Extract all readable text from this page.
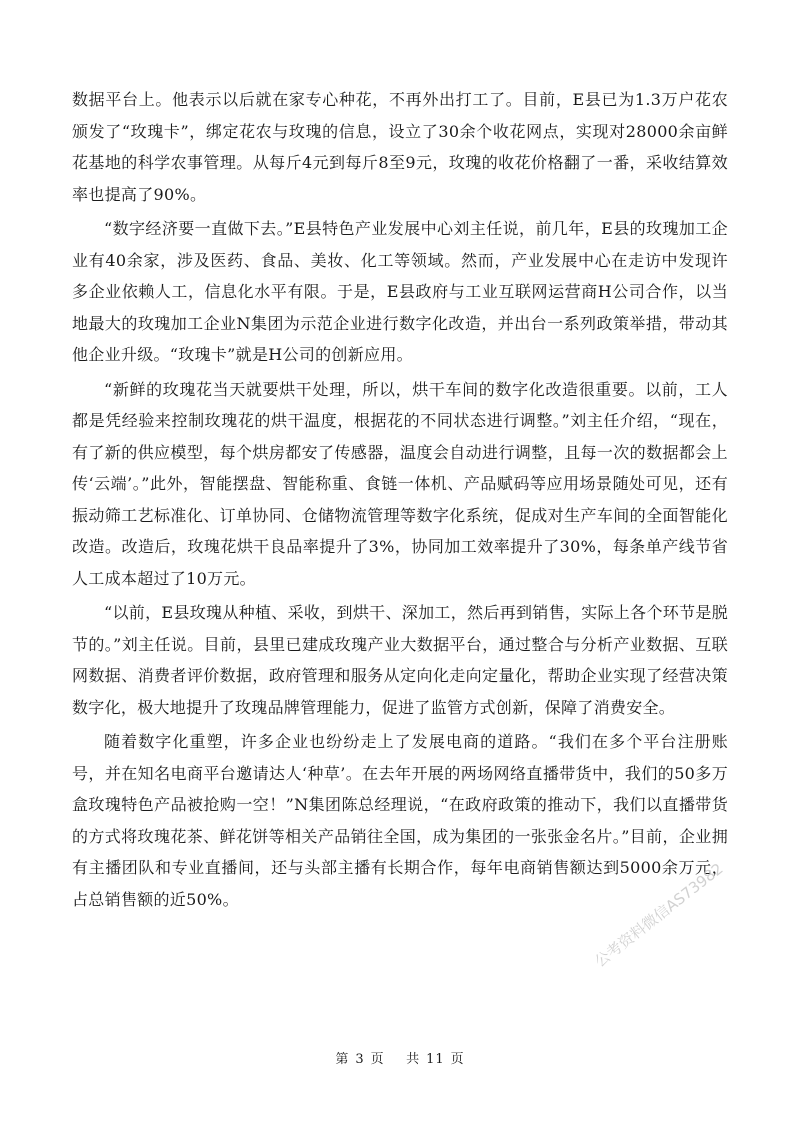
数据平台上。他表示以后就在家专心种花，不再外出打工了。目前，E县已为1.3万户花农颁发了“玫瑰卡”，绑定花农与玫瑰的信息，设立了30余个收花网点，实现对28000余亩鲜花基地的科学农事管理。从每斤4元到每斤8至9元，玫瑰的收花价格翻了一番，采收结算效率也提高了90%。

“数字经济要一直做下去。”E县特色产业发展中心刘主任说，前几年，E县的玫瑰加工企业有40余家，涉及医药、食品、美妆、化工等领域。然而，产业发展中心在走访中发现许多企业依赖人工，信息化水平有限。于是，E县政府与工业互联网运营商H公司合作，以当地最大的玫瑰加工企业N集团为示范企业进行数字化改造，并出台一系列政策举措，带动其他企业升级。“玫瑰卡”就是H公司的创新应用。

“新鲜的玫瑰花当天就要烘干处理，所以，烘干车间的数字化改造很重要。以前，工人都是凭经验来控制玫瑰花的烘干温度，根据花的不同状态进行调整。”刘主任介绍，“现在，有了新的供应模型，每个烘房都安了传感器，温度会自动进行调整，且每一次的数据都会上传‘云端’。”此外，智能摆盘、智能称重、食链一体机、产品赋码等应用场景随处可见，还有振动筛工艺标准化、订单协同、仓储物流管理等数字化系统，促成对生产车间的全面智能化改造。改造后，玫瑰花烘干良品率提升了3%，协同加工效率提升了30%，每条单产线节省人工成本超过了10万元。

“以前，E县玫瑰从种植、采收，到烘干、深加工，然后再到销售，实际上各个环节是脱节的。”刘主任说。目前，县里已建成玫瑰产业大数据平台，通过整合与分析产业数据、互联网数据、消费者评价数据，政府管理和服务从定向化走向定量化，帮助企业实现了经营决策数字化，极大地提升了玫瑰品牌管理能力，促进了监管方式创新，保障了消费安全。

随着数字化重塑，许多企业也纷纷走上了发展电商的道路。“我们在多个平台注册账号，并在知名电商平台邀请达人‘种草’。在去年开展的两场网络直播带货中，我们的50多万盒玫瑰特色产品被抢购一空！”N集团陈总经理说，“在政府政策的推动下，我们以直播带货的方式将玫瑰花茶、鲜花饼等相关产品销往全国，成为集团的一张张金名片。”目前，企业拥有主播团队和专业直播间，还与头部主播有长期合作，每年电商销售额达到5000余万元，占总销售额的近50%。	公考资料微信AS73982
第 3 页 共 11 页
